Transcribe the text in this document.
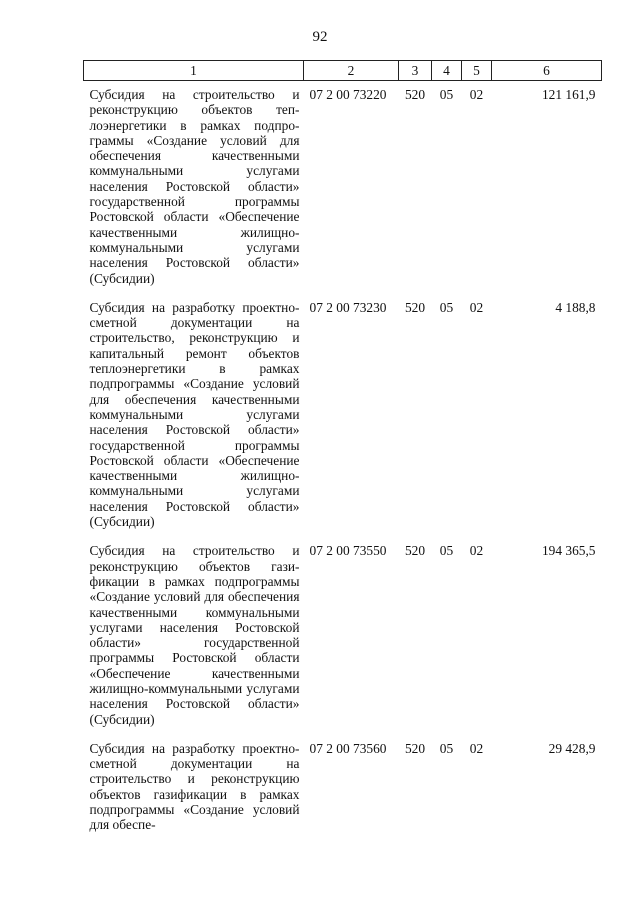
92
1	2	3	4	5	6
Субсидия на строительство и реконструкцию объектов теплоэнергетики в рамках подпрограммы «Создание условий для обеспечения качественными коммунальными услугами населения Ростовской области» государственной программы Ростовской области «Обеспечение качественными жилищно-коммунальными услугами населения Ростовской области» (Субсидии)	07 2 00 73220	520	05	02	121 161,9
Субсидия на разработку проектно-сметной документации на строительство, реконструкцию и капитальный ремонт объектов теплоэнергетики в рамках подпрограммы «Создание условий для обеспечения качественными коммунальными услугами населения Ростовской области» государственной программы Ростовской области «Обеспечение качественными жилищно-коммунальными услугами населения Ростовской области» (Субсидии)	07 2 00 73230	520	05	02	4 188,8
Субсидия на строительство и реконструкцию объектов газификации в рамках подпрограммы «Создание условий для обеспечения качественными коммунальными услугами населения Ростовской области» государственной программы Ростовской области «Обеспечение качественными жилищно-коммунальными услугами населения Ростовской области» (Субсидии)	07 2 00 73550	520	05	02	194 365,5
Субсидия на разработку проектно-сметной документации на строительство и реконструкцию объектов газификации в рамках подпрограммы «Создание условий для обеспе-	07 2 00 73560	520	05	02	29 428,9
